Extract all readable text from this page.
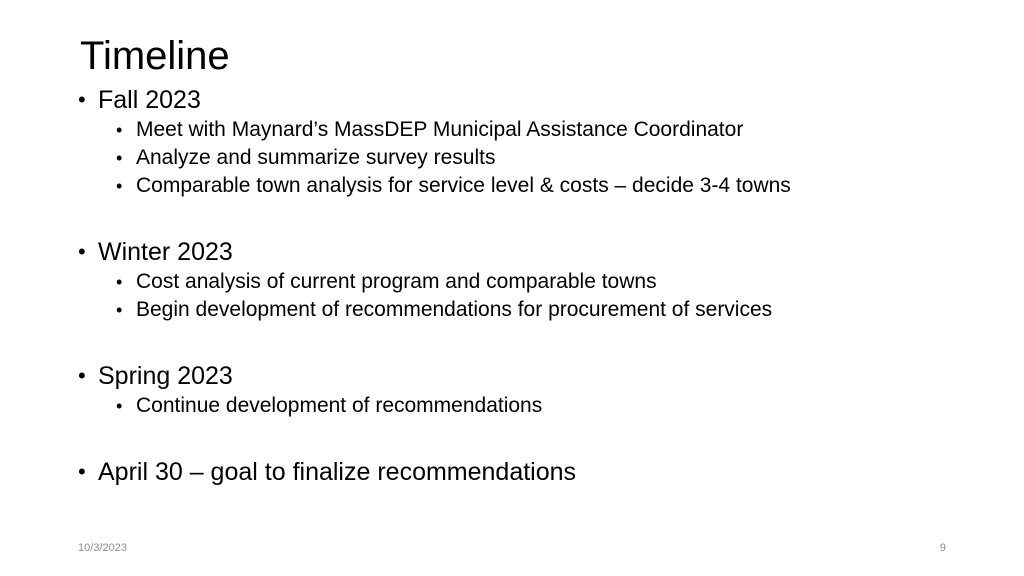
Timeline
• Fall 2023
• Meet with Maynard’s MassDEP Municipal Assistance Coordinator
• Analyze and summarize survey results
• Comparable town analysis for service level & costs – decide 3-4 towns
• Winter 2023
• Cost analysis of current program and comparable towns
• Begin development of recommendations for procurement of services
• Spring 2023
• Continue development of recommendations
• April 30 – goal to finalize recommendations
10/3/2023	9
